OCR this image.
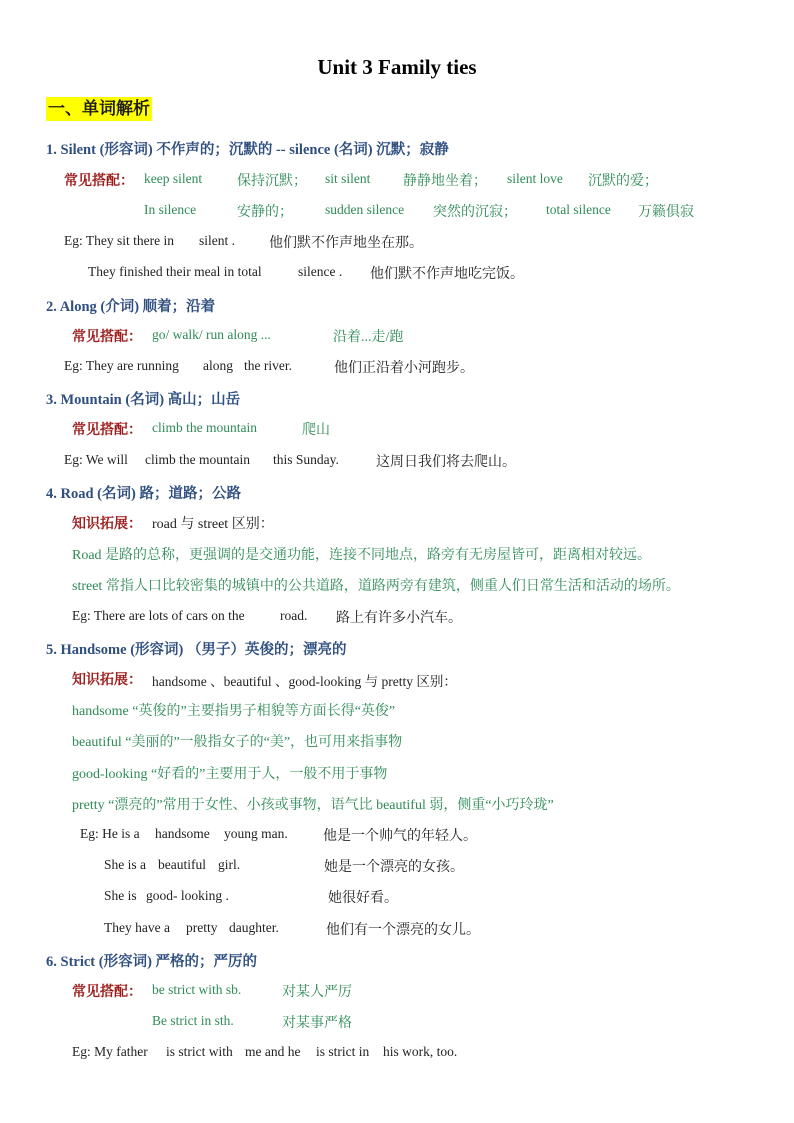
Unit 3 Family ties
一、单词解析
1. Silent (形容词) 不作声的；沉默的 -- silence (名词) 沉默；寂静
常见搭配： keep silent 保持沉默； sit silent 静静地坐着； silent love 沉默的爱；
In silence	安静的； sudden silence 突然的沉寂； total silence 万籁俱寂
Eg: They sit there in silent . 他们默不作声地坐在那。
They finished their meal in total	silence . 他们默不作声地吃完饭。
2. Along (介词) 顺着；沿着
常见搭配： go/ walk/ run along ...	沿着...走/跑
Eg: They are running along the river.	他们正沿着小河跑步。
3. Mountain (名词) 高山；山岳
常见搭配： climb the mountain	爬山
Eg: We will climb the mountain this Sunday.	这周日我们将去爬山。
4. Road (名词) 路；道路；公路
知识拓展： road 与 street 区别：
Road 是路的总称，更强调的是交通功能，连接不同地点，路旁有无房屋皆可，距离相对较远。
street 常指人口比较密集的城镇中的公共道路，道路两旁有建筑，侧重人们日常生活和活动的场所。
Eg: There are lots of cars on the	road. 路上有许多小汽车。
5. Handsome (形容词) （男子）英俊的；漂亮的
知识拓展： handsome 、beautiful 、good-looking 与 pretty 区别：
handsome “英俊的”主要指男子相貌等方面长得“英俊”
beautiful “美丽的”一般指女子的“美”，也可用来指事物
good-looking “好看的”主要用于人，一般不用于事物
pretty “漂亮的”常用于女性、小孩或事物，语气比 beautiful 弱，侧重“小巧玲珑”
Eg: He is a handsome young man.	他是一个帅气的年轻人。
She is a beautiful girl.	她是一个漂亮的女孩。
She is good- looking .	她很好看。
They have a pretty daughter.	他们有一个漂亮的女儿。
6. Strict (形容词) 严格的；严厉的
常见搭配： be strict with sb.	对某人严厉
Be strict in sth.	对某事严格
Eg: My father is strict with me and he is strict in his work, too.
